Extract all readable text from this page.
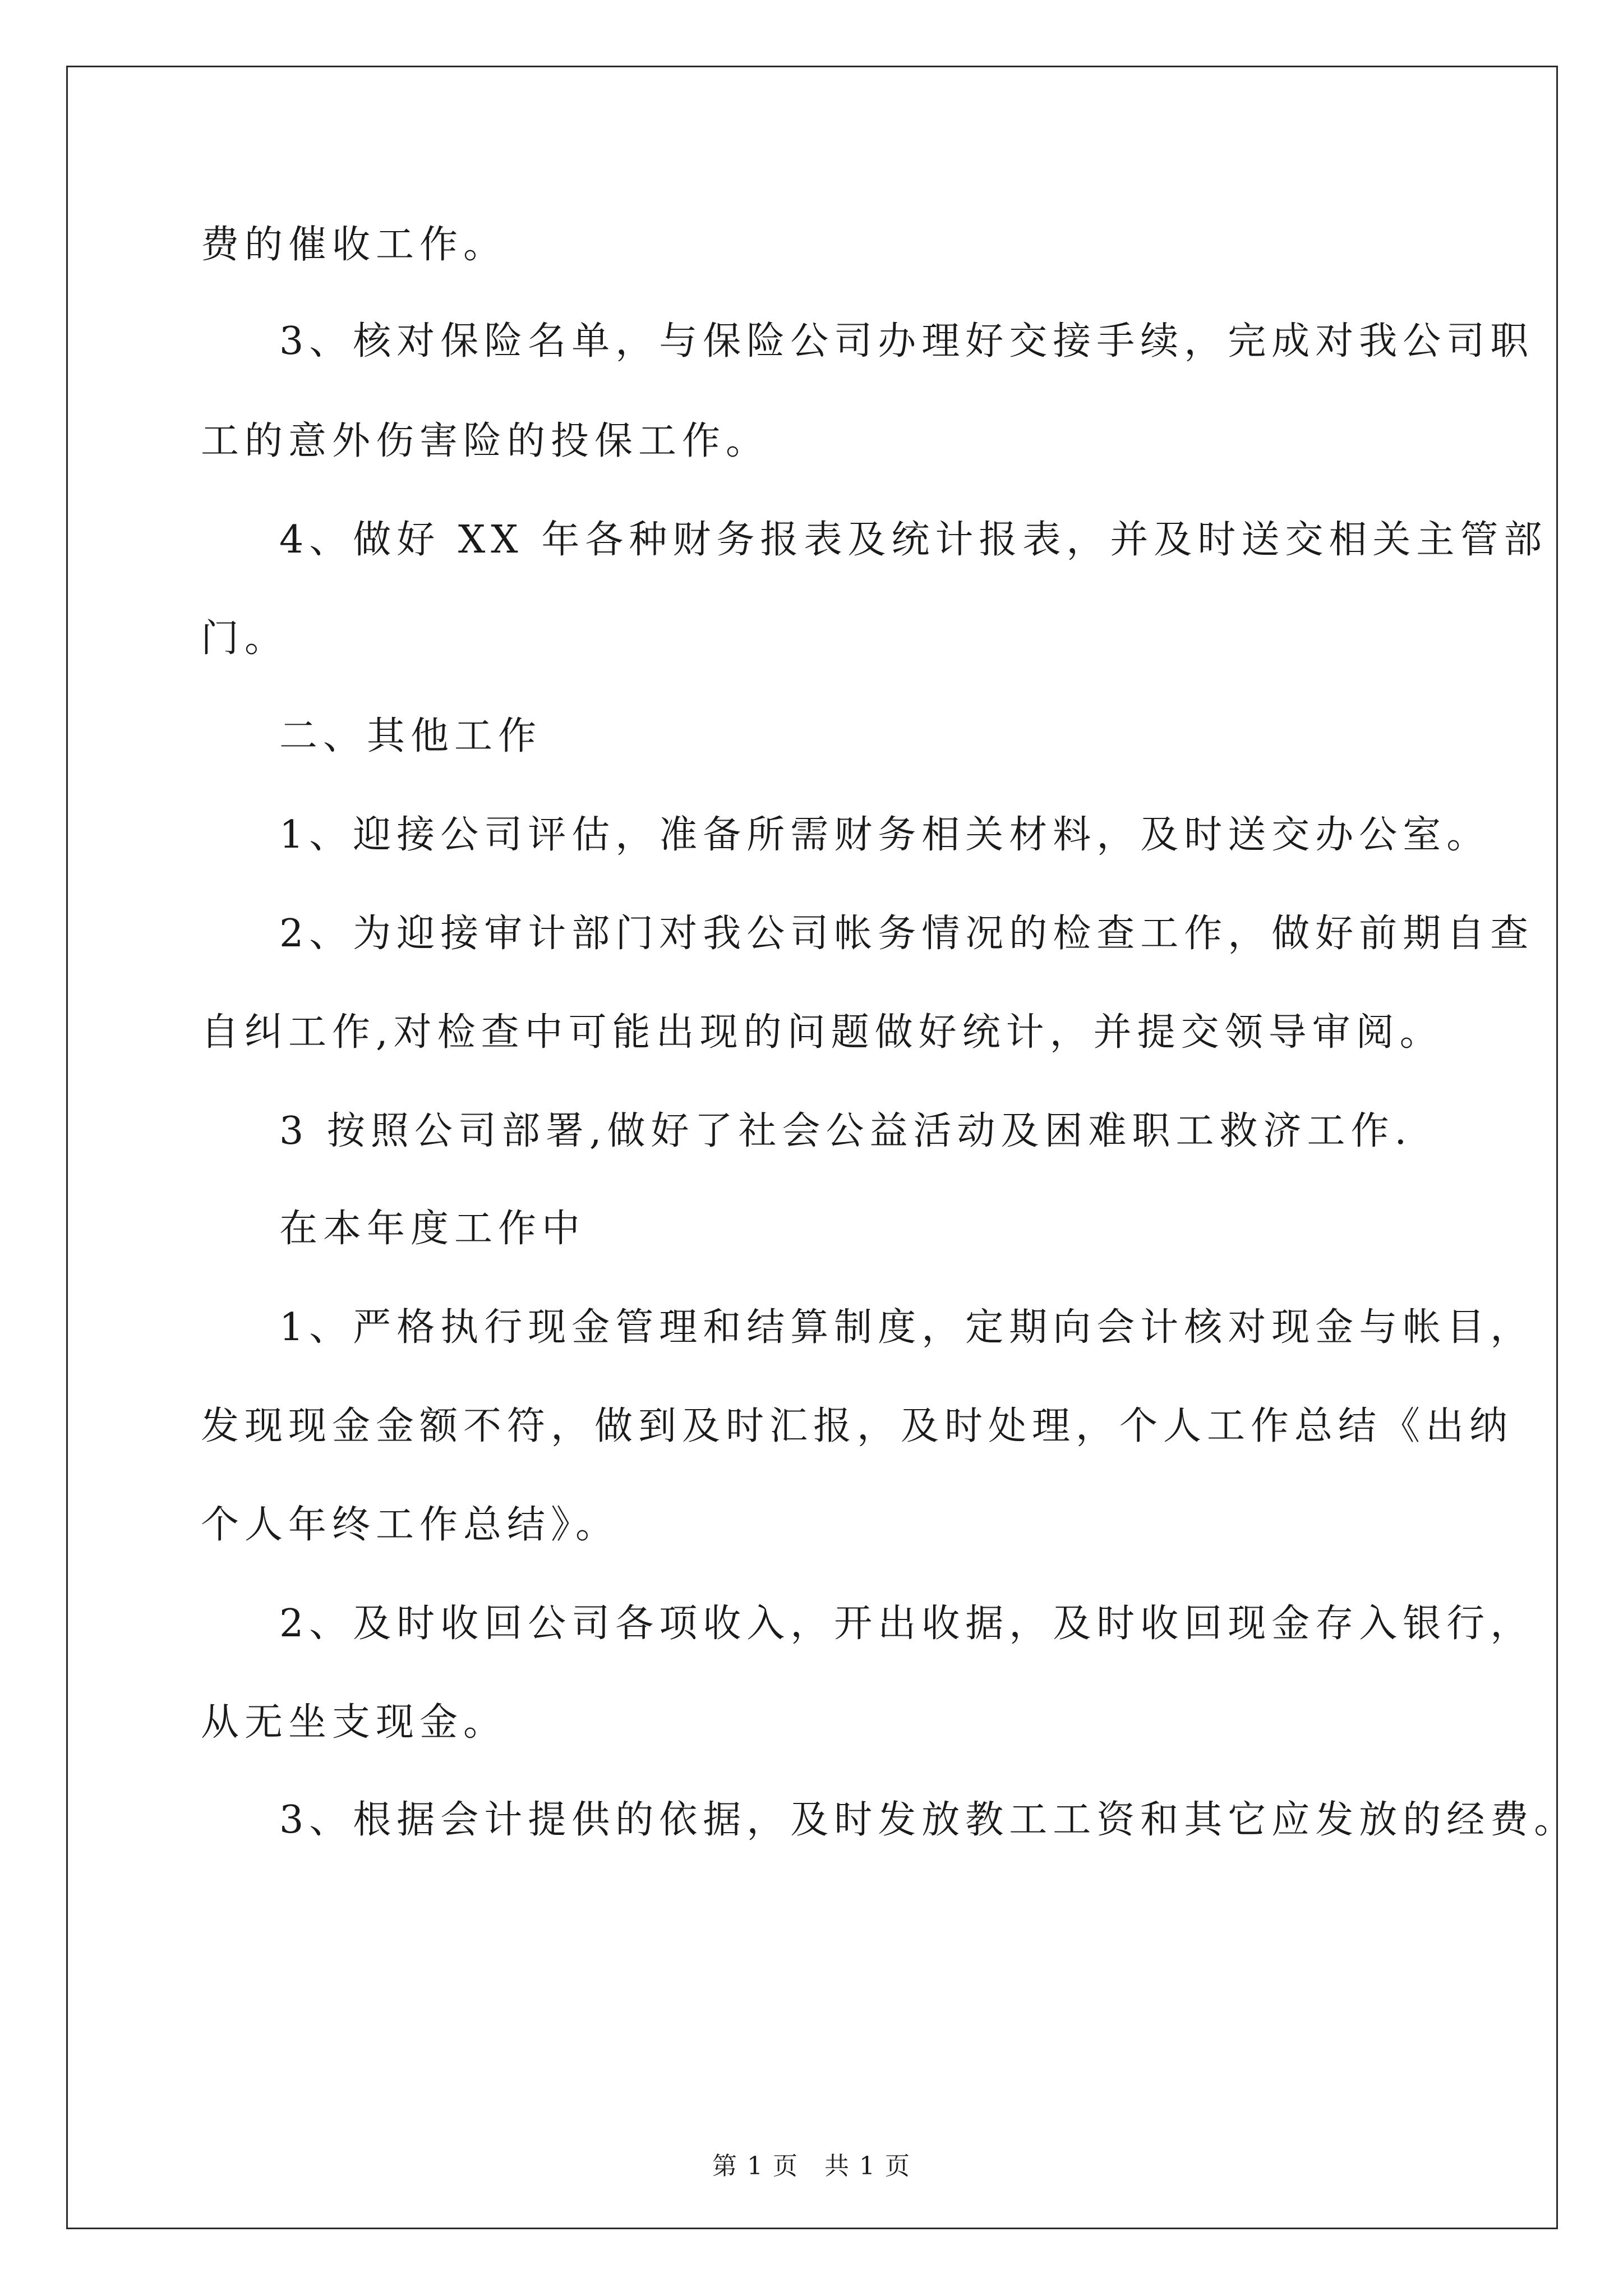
费的催收工作。
3、核对保险名单，与保险公司办理好交接手续，完成对我公司职
工的意外伤害险的投保工作。
4、做好 XX 年各种财务报表及统计报表，并及时送交相关主管部
门。
二、其他工作
1、迎接公司评估，准备所需财务相关材料，及时送交办公室。
2、为迎接审计部门对我公司帐务情况的检查工作，做好前期自查
自纠工作,对检查中可能出现的问题做好统计，并提交领导审阅。
3 按照公司部署,做好了社会公益活动及困难职工救济工作.
在本年度工作中
1、严格执行现金管理和结算制度，定期向会计核对现金与帐目，
发现现金金额不符，做到及时汇报，及时处理，个人工作总结《出纳
个人年终工作总结》。
2、及时收回公司各项收入，开出收据，及时收回现金存入银行，
从无坐支现金。
3、根据会计提供的依据，及时发放教工工资和其它应发放的经费。
第 1 页　共 1 页
